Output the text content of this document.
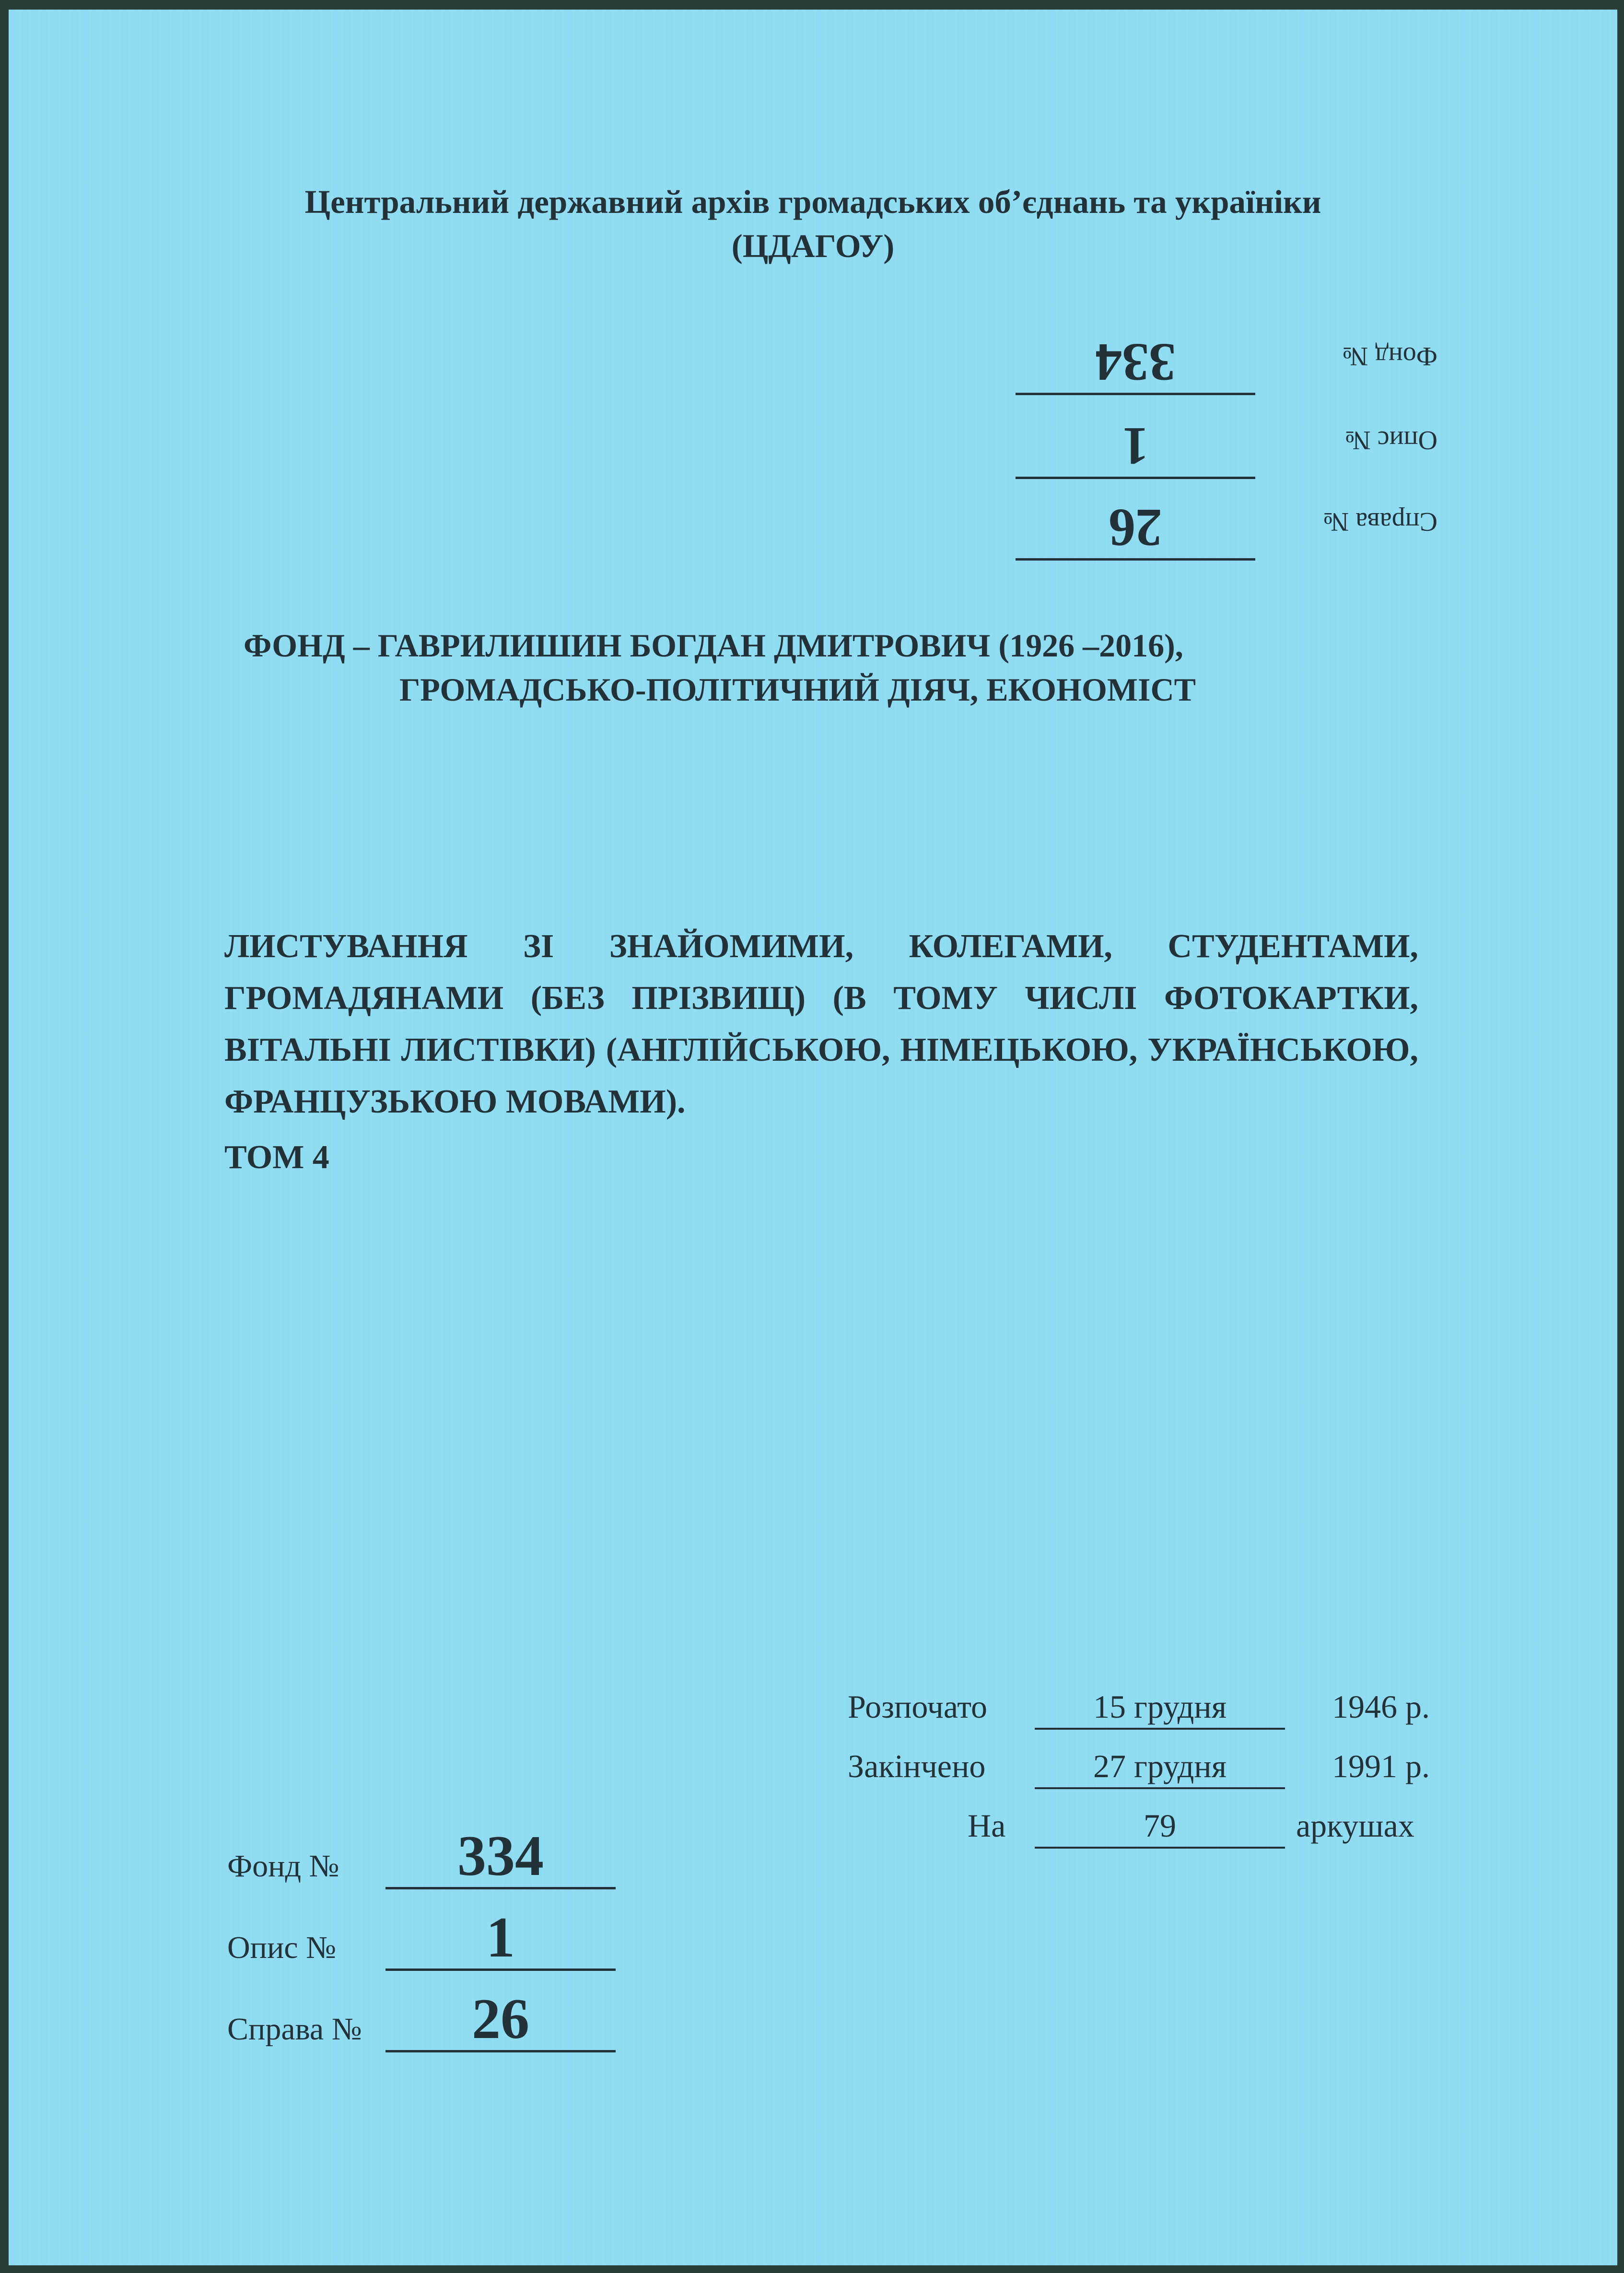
Центральний державний архів громадських об’єднань та україніки
(ЦДАГОУ)
Справа №
26
Опис №
1
Фонд №
334
ФОНД – ГАВРИЛИШИН БОГДАН ДМИТРОВИЧ (1926 –2016),
ГРОМАДСЬКО-ПОЛІТИЧНИЙ ДІЯЧ, ЕКОНОМІСТ
ЛИСТУВАННЯ ЗІ ЗНАЙОМИМИ, КОЛЕГАМИ, СТУДЕНТАМИ, ГРОМАДЯНАМИ (БЕЗ ПРІЗВИЩ) (В ТОМУ ЧИСЛІ ФОТОКАРТКИ, ВІТАЛЬНІ ЛИСТІВКИ) (АНГЛІЙСЬКОЮ, НІМЕЦЬКОЮ, УКРАЇНСЬКОЮ, ФРАНЦУЗЬКОЮ МОВАМИ).
ТОМ 4
Розпочато	15 грудня	1946 р.
Закінчено	27 грудня	1991 р.
На	79	аркушах
Фонд №	334
Опис №	1
Справа №	26
